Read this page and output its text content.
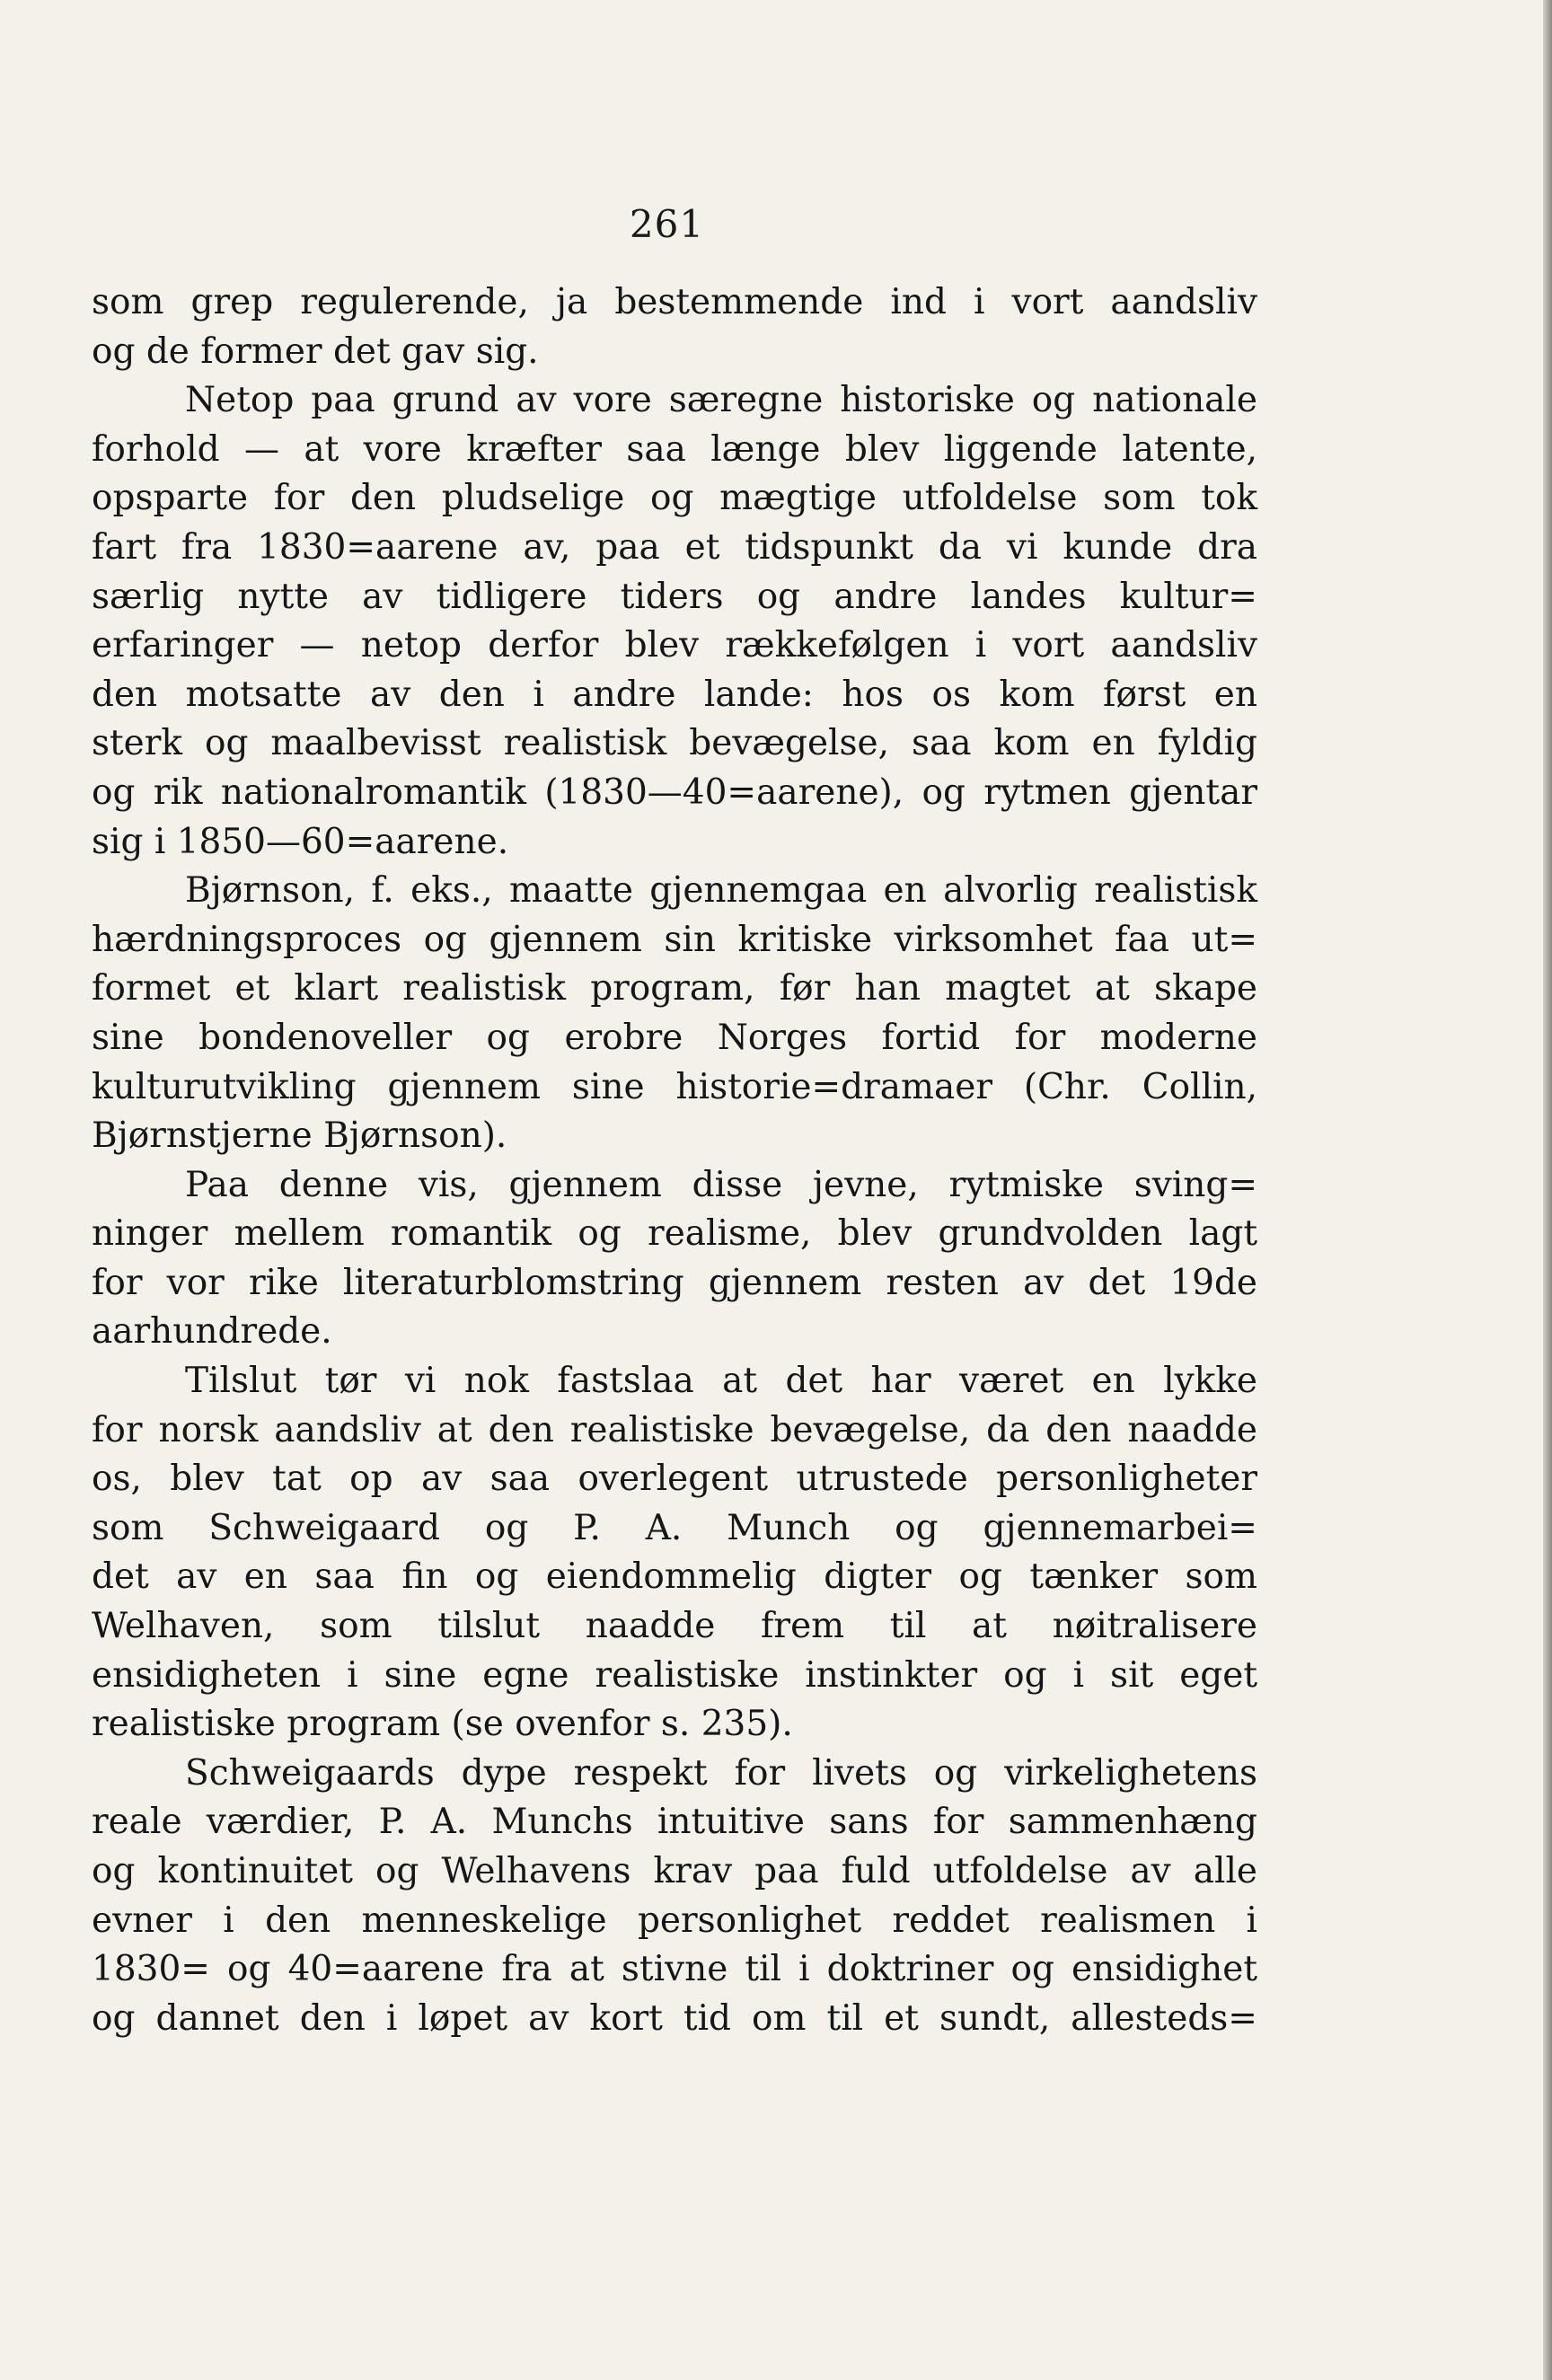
261
som grep regulerende, ja bestemmende ind i vort aandsliv
og de former det gav sig.
Netop paa grund av vore særegne historiske og nationale
forhold — at vore kræfter saa længe blev liggende latente,
opsparte for den pludselige og mægtige utfoldelse som tok
fart fra 1830=aarene av, paa et tidspunkt da vi kunde dra
særlig nytte av tidligere tiders og andre landes kultur=
erfaringer — netop derfor blev rækkefølgen i vort aandsliv
den motsatte av den i andre lande: hos os kom først en
sterk og maalbevisst realistisk bevægelse, saa kom en fyldig
og rik nationalromantik (1830—40=aarene), og rytmen gjentar
sig i 1850—60=aarene.
Bjørnson, f. eks., maatte gjennemgaa en alvorlig realistisk
hærdningsproces og gjennem sin kritiske virksomhet faa ut=
formet et klart realistisk program, før han magtet at skape
sine bondenoveller og erobre Norges fortid for moderne
kulturutvikling gjennem sine historie=dramaer (Chr. Collin,
Bjørnstjerne Bjørnson).
Paa denne vis, gjennem disse jevne, rytmiske sving=
ninger mellem romantik og realisme, blev grundvolden lagt
for vor rike literaturblomstring gjennem resten av det 19de
aarhundrede.
Tilslut tør vi nok fastslaa at det har været en lykke
for norsk aandsliv at den realistiske bevægelse, da den naadde
os, blev tat op av saa overlegent utrustede personligheter
som Schweigaard og P. A. Munch og gjennemarbei=
det av en saa fin og eiendommelig digter og tænker som
Welhaven, som tilslut naadde frem til at nøitralisere
ensidigheten i sine egne realistiske instinkter og i sit eget
realistiske program (se ovenfor s. 235).
Schweigaards dype respekt for livets og virkelighetens
reale værdier, P. A. Munchs intuitive sans for sammenhæng
og kontinuitet og Welhavens krav paa fuld utfoldelse av alle
evner i den menneskelige personlighet reddet realismen i
1830= og 40=aarene fra at stivne til i doktriner og ensidighet
og dannet den i løpet av kort tid om til et sundt, allesteds=
